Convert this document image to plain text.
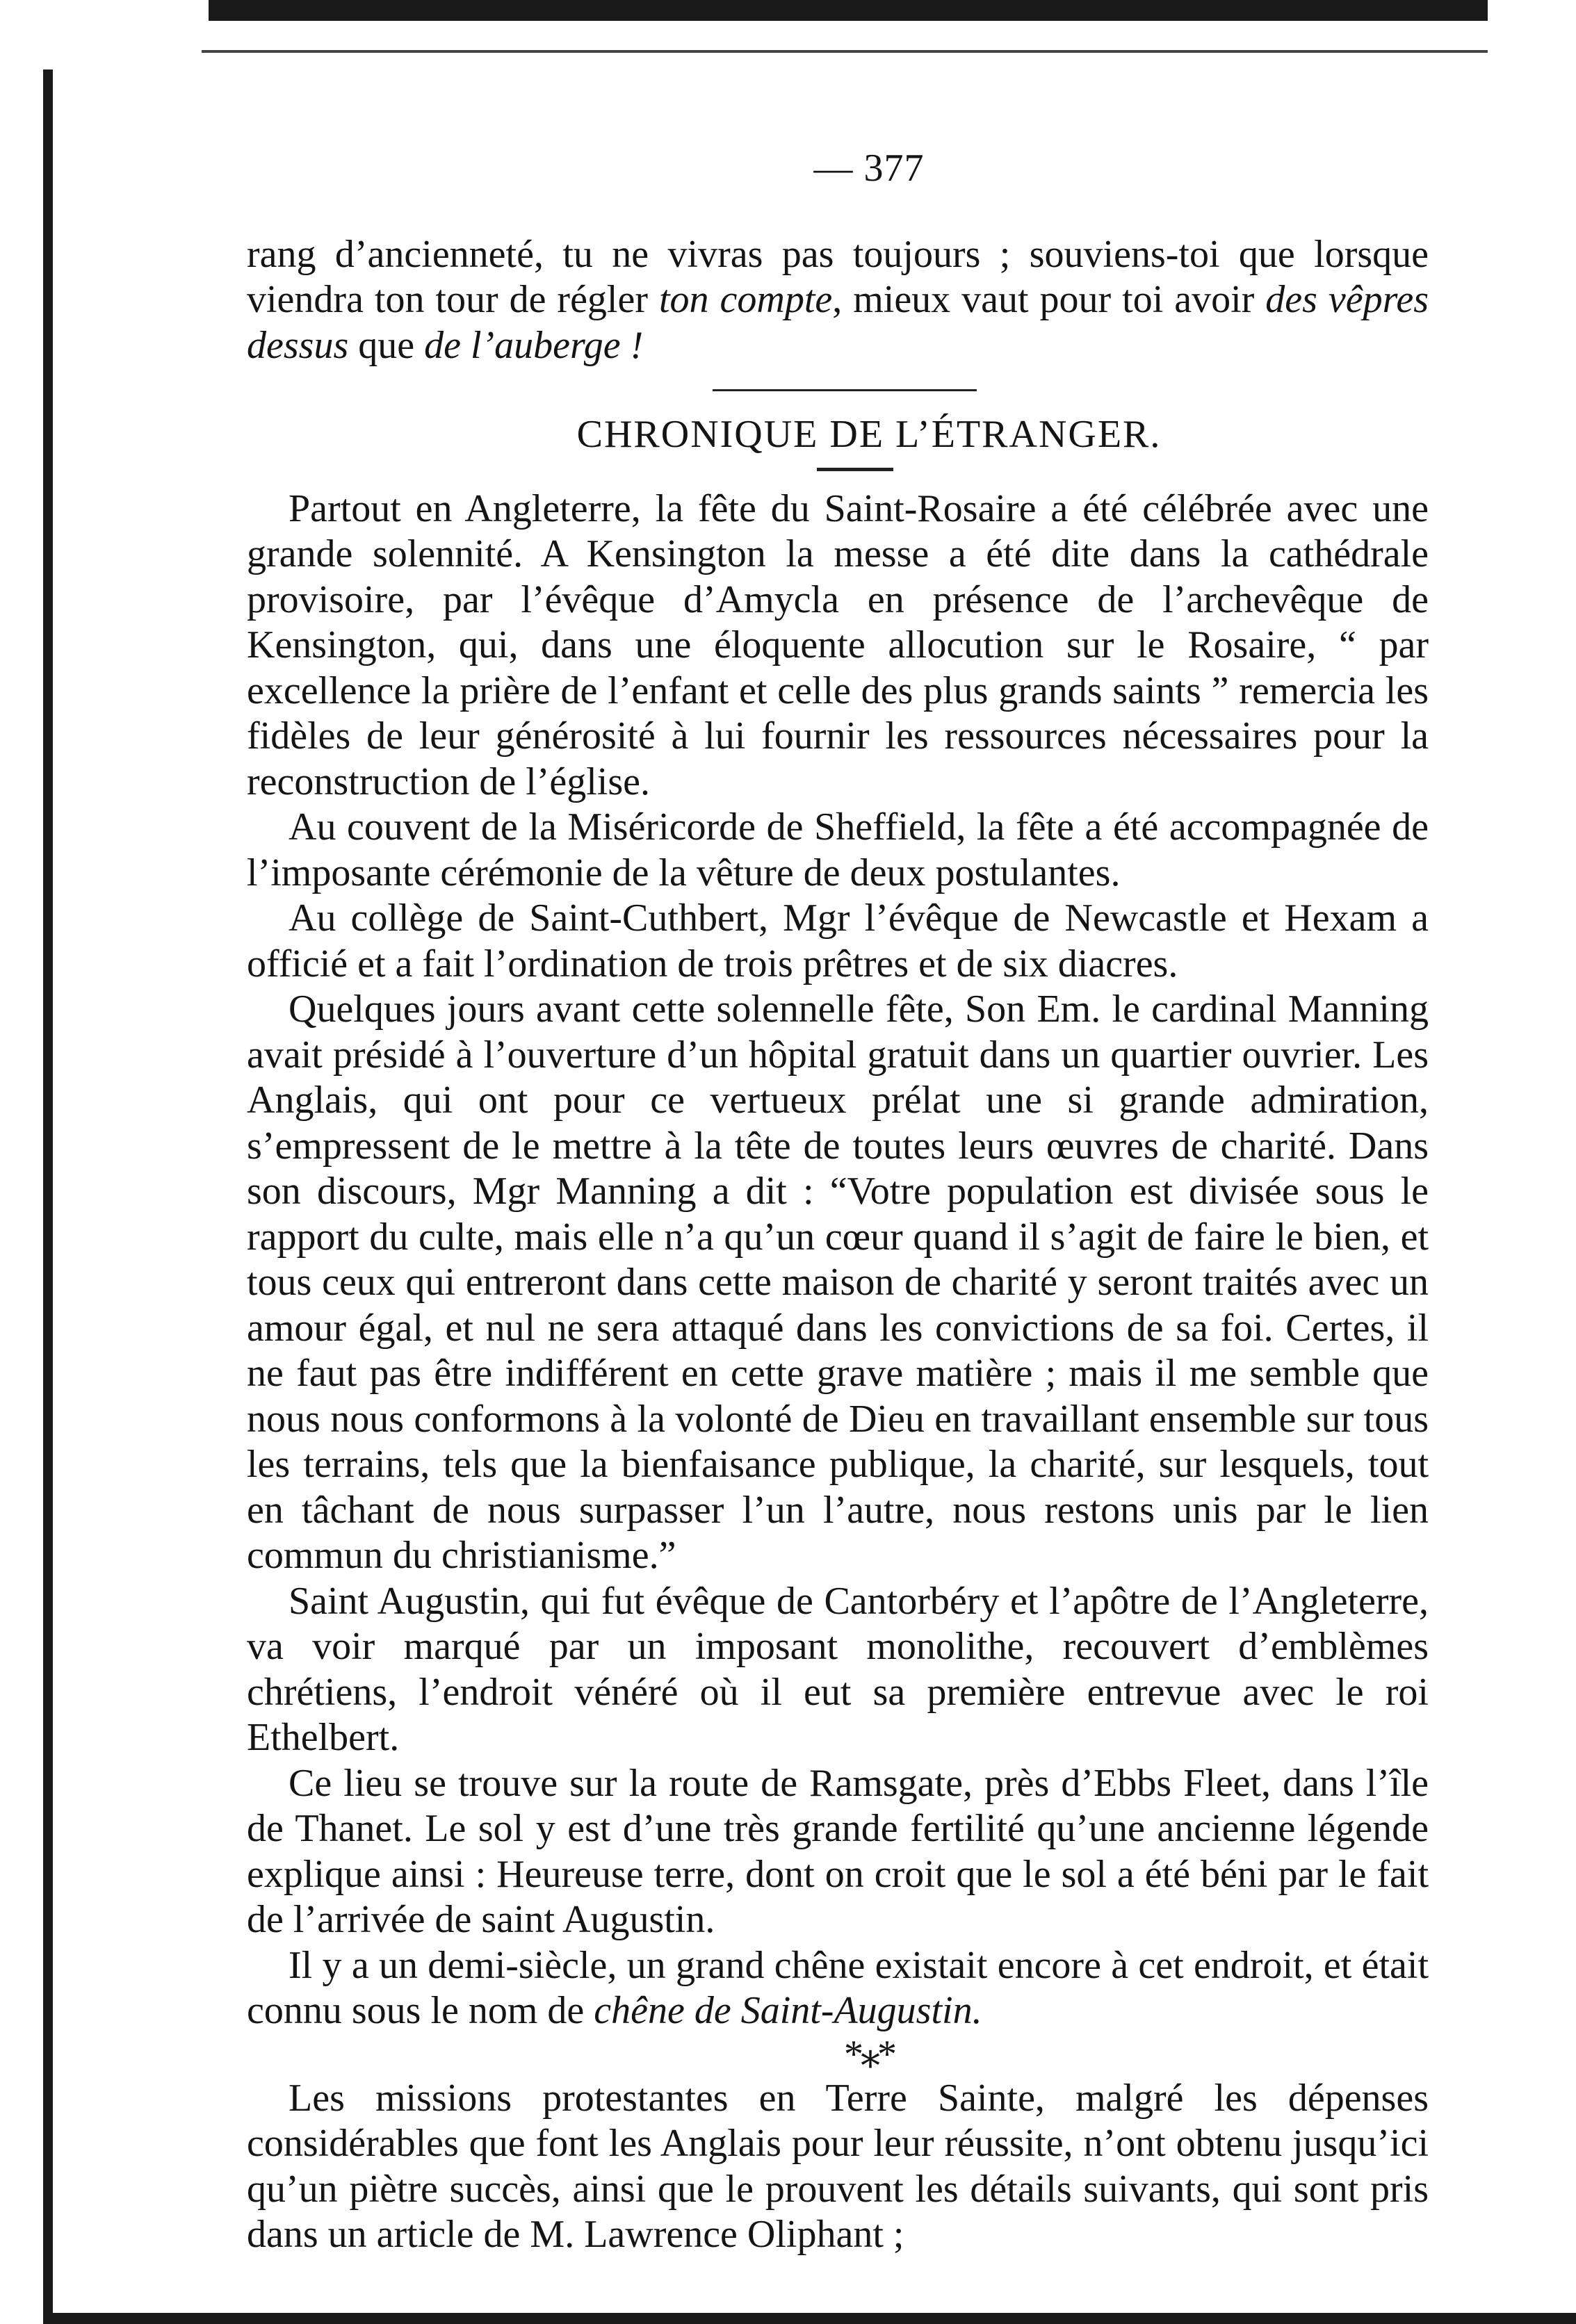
— 377

rang d’ancienneté, tu ne vivras pas toujours ; souviens-toi que lorsque viendra ton tour de régler ton compte, mieux vaut pour toi avoir des vêpres dessus que de l’auberge !

CHRONIQUE DE L’ÉTRANGER.

Partout en Angleterre, la fête du Saint-Rosaire a été célébrée avec une grande solennité. A Kensington la messe a été dite dans la cathédrale provisoire, par l’évêque d’Amycla en présence de l’archevêque de Kensington, qui, dans une éloquente allocution sur le Rosaire, “ par excellence la prière de l’enfant et celle des plus grands saints ” remercia les fidèles de leur générosité à lui fournir les ressources nécessaires pour la reconstruction de l’église.

Au couvent de la Miséricorde de Sheffield, la fête a été accompagnée de l’imposante cérémonie de la vêture de deux postulantes.

Au collège de Saint-Cuthbert, Mgr l’évêque de Newcastle et Hexam a officié et a fait l’ordination de trois prêtres et de six diacres.

Quelques jours avant cette solennelle fête, Son Em. le cardinal Manning avait présidé à l’ouverture d’un hôpital gratuit dans un quartier ouvrier. Les Anglais, qui ont pour ce vertueux prélat une si grande admiration, s’empressent de le mettre à la tête de toutes leurs œuvres de charité. Dans son discours, Mgr Manning a dit : “Votre population est divisée sous le rapport du culte, mais elle n’a qu’un cœur quand il s’agit de faire le bien, et tous ceux qui entreront dans cette maison de charité y seront traités avec un amour égal, et nul ne sera attaqué dans les convictions de sa foi. Certes, il ne faut pas être indifférent en cette grave matière ; mais il me semble que nous nous conformons à la volonté de Dieu en travaillant ensemble sur tous les terrains, tels que la bienfaisance publique, la charité, sur lesquels, tout en tâchant de nous surpasser l’un l’autre, nous restons unis par le lien commun du christianisme.”

Saint Augustin, qui fut évêque de Cantorbéry et l’apôtre de l’Angleterre, va voir marqué par un imposant monolithe, recouvert d’emblèmes chrétiens, l’endroit vénéré où il eut sa première entrevue avec le roi Ethelbert.

Ce lieu se trouve sur la route de Ramsgate, près d’Ebbs Fleet, dans l’île de Thanet. Le sol y est d’une très grande fertilité qu’une ancienne légende explique ainsi : Heureuse terre, dont on croit que le sol a été béni par le fait de l’arrivée de saint Augustin.

Il y a un demi-siècle, un grand chêne existait encore à cet endroit, et était connu sous le nom de chêne de Saint-Augustin.

*⁎*

Les missions protestantes en Terre Sainte, malgré les dépenses considérables que font les Anglais pour leur réussite, n’ont obtenu jusqu’ici qu’un piètre succès, ainsi que le prouvent les détails suivants, qui sont pris dans un article de M. Lawrence Oliphant ;
